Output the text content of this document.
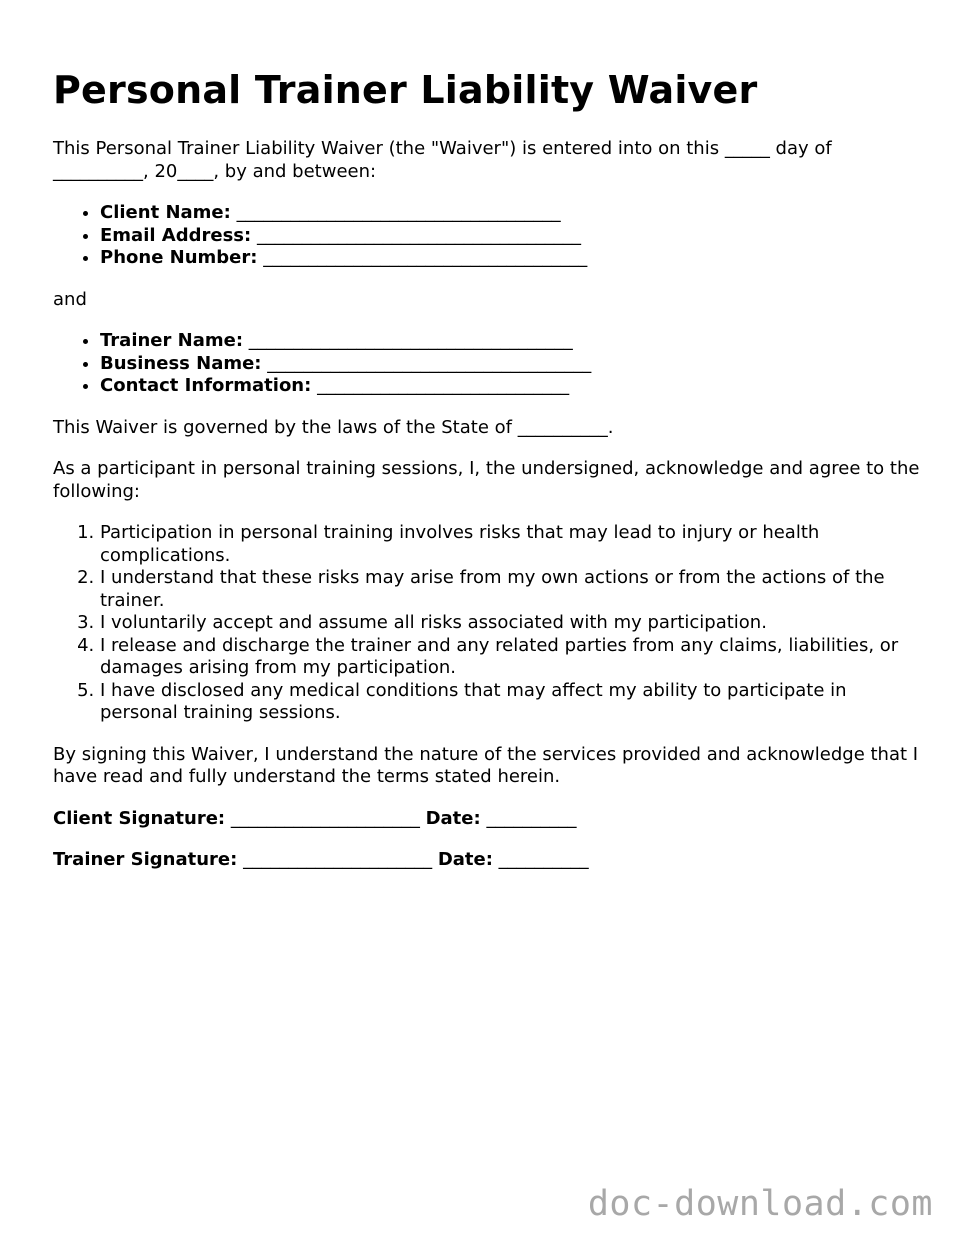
Personal Trainer Liability Waiver

This Personal Trainer Liability Waiver (the "Waiver") is entered into on this _____ day of __________, 20____, by and between:

• Client Name: ____________________________________
• Email Address: ____________________________________
• Phone Number: ____________________________________

and

• Trainer Name: ____________________________________
• Business Name: ____________________________________
• Contact Information: ____________________________

This Waiver is governed by the laws of the State of __________.

As a participant in personal training sessions, I, the undersigned, acknowledge and agree to the following:

1. Participation in personal training involves risks that may lead to injury or health complications.
2. I understand that these risks may arise from my own actions or from the actions of the trainer.
3. I voluntarily accept and assume all risks associated with my participation.
4. I release and discharge the trainer and any related parties from any claims, liabilities, or damages arising from my participation.
5. I have disclosed any medical conditions that may affect my ability to participate in personal training sessions.

By signing this Waiver, I understand the nature of the services provided and acknowledge that I have read and fully understand the terms stated herein.

Client Signature: _____________________ Date: __________
Trainer Signature: _____________________ Date: __________
doc-download.com
